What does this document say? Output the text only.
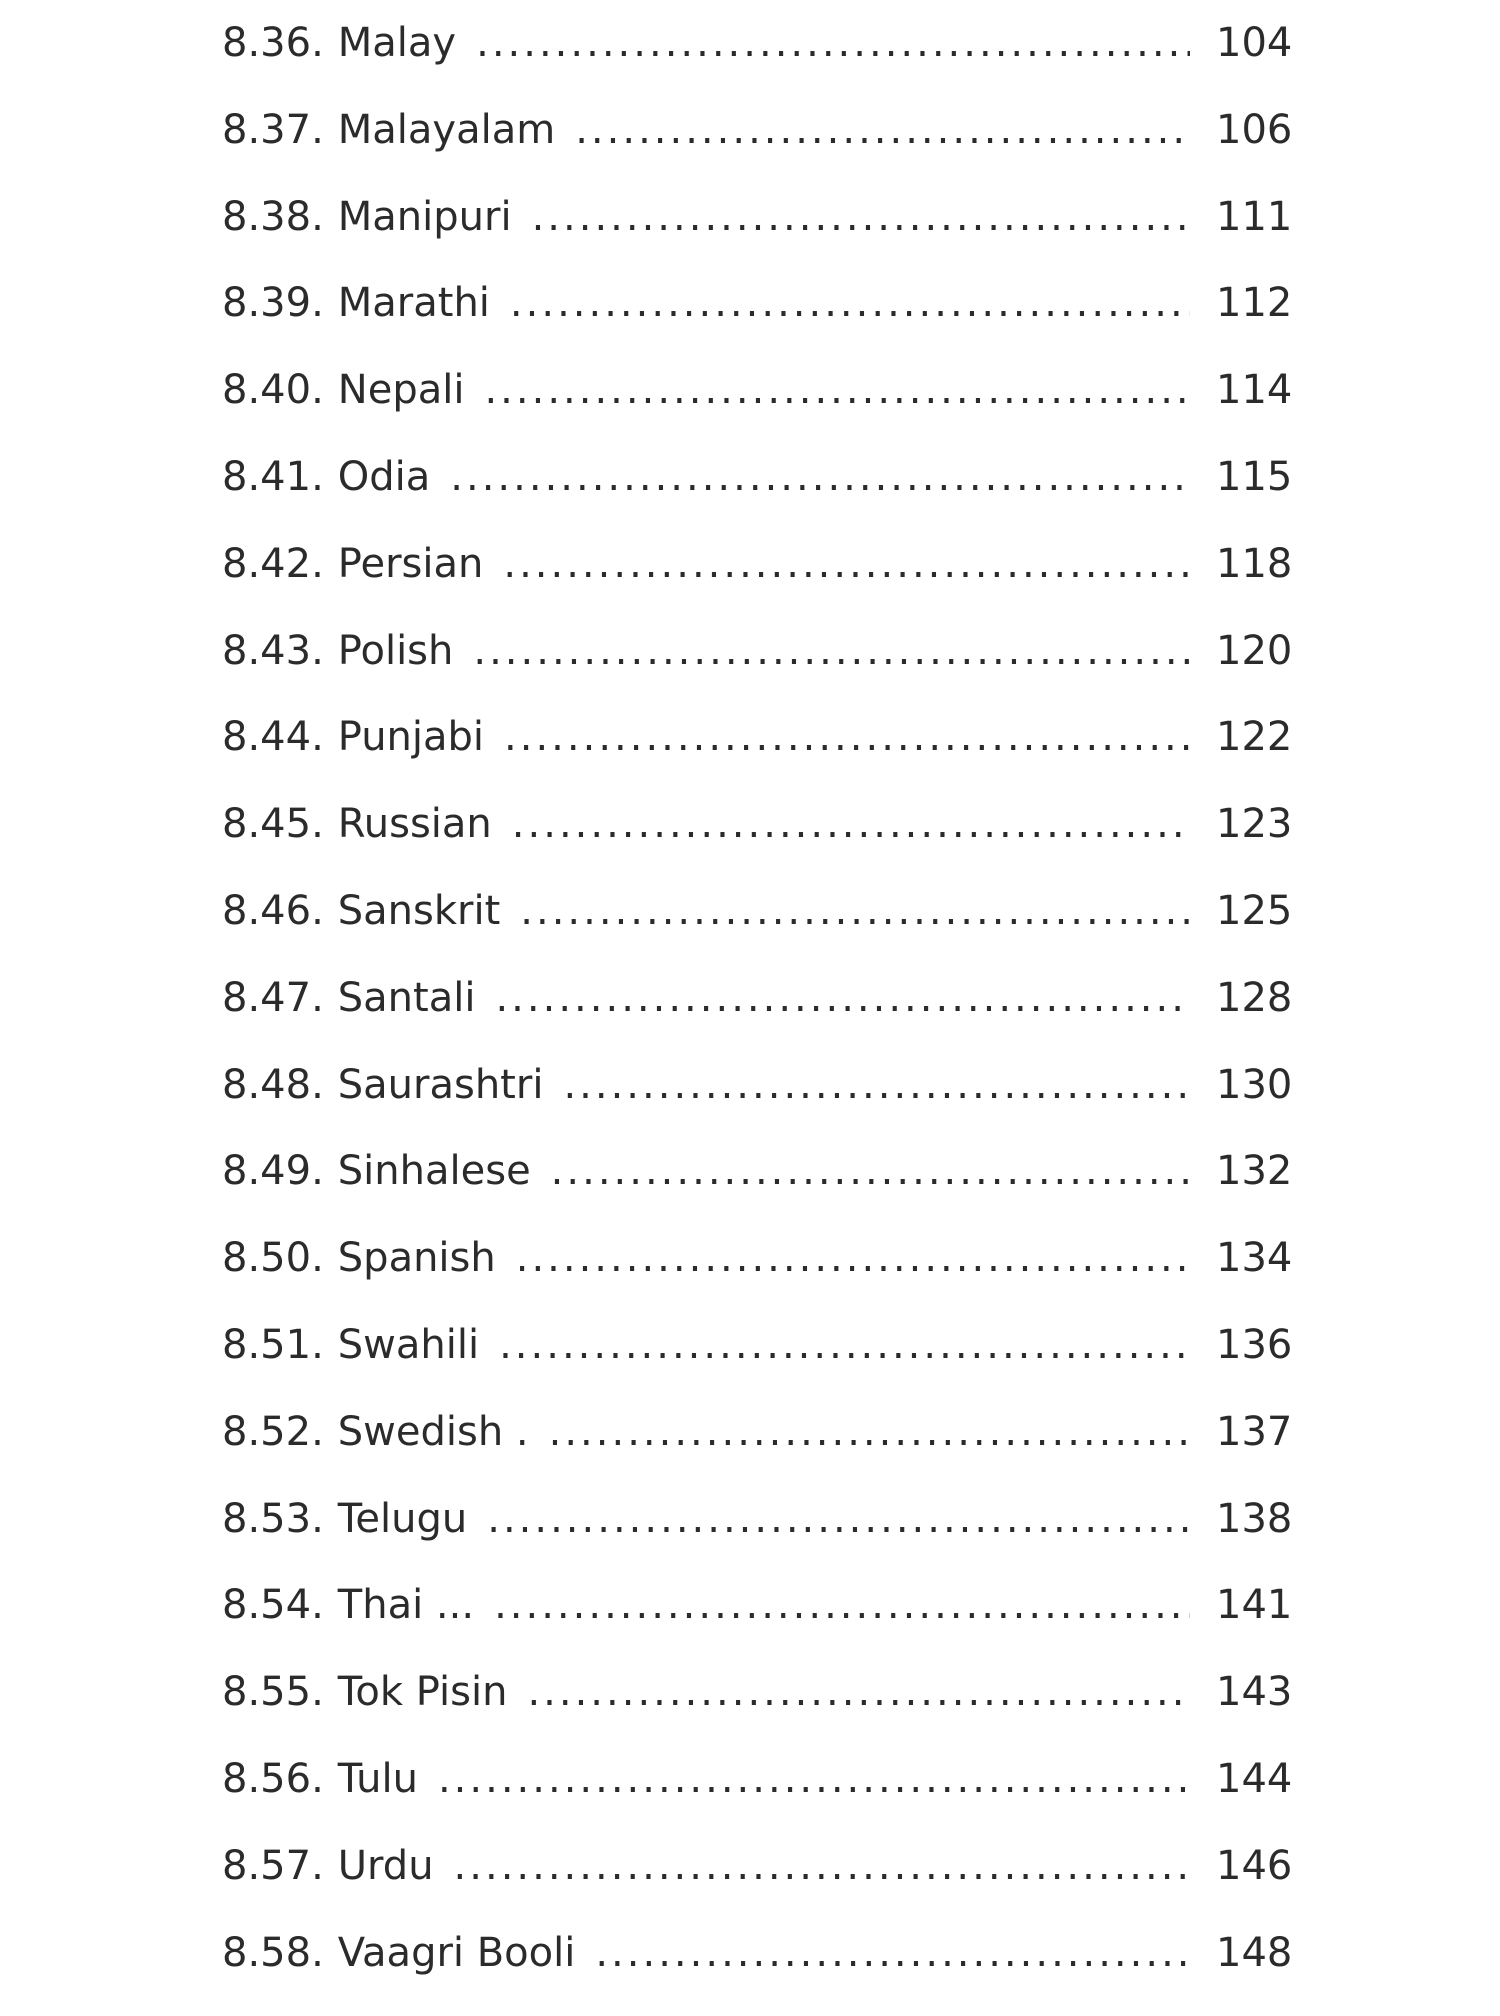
8.36. Malay .....	104
8.37. Malayalam .....	106
8.38. Manipuri .....	111
8.39. Marathi .....	112
8.40. Nepali .....	114
8.41. Odia .....	115
8.42. Persian .....	118
8.43. Polish .....	120
8.44. Punjabi .....	122
8.45. Russian .....	123
8.46. Sanskrit .....	125
8.47. Santali .....	128
8.48. Saurashtri .....	130
8.49. Sinhalese .....	132
8.50. Spanish .....	134
8.51. Swahili .....	136
8.52. Swedish . .....	137
8.53. Telugu .....	138
8.54. Thai ... .....	141
8.55. Tok Pisin .....	143
8.56. Tulu .....	144
8.57. Urdu .....	146
8.58. Vaagri Booli .....	148
